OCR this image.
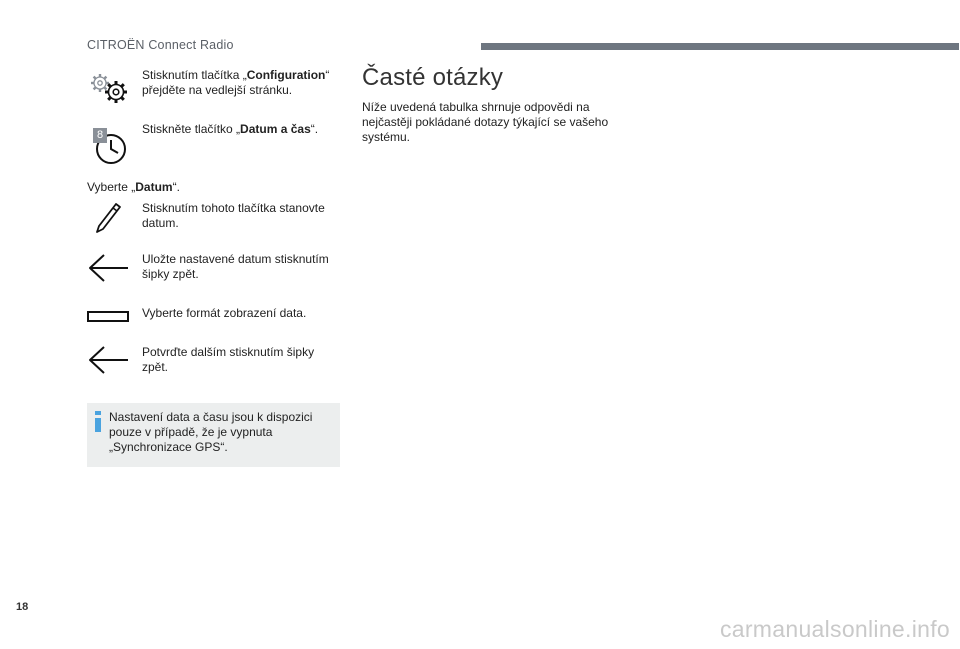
CITROËN Connect Radio
Stisknutím tlačítka „Configuration“ přejděte na vedlejší stránku.
8	Stiskněte tlačítko „Datum a čas“.
Vyberte „Datum“.
Stisknutím tohoto tlačítka stanovte datum.
Uložte nastavené datum stisknutím šipky zpět.
Vyberte formát zobrazení data.
Potvrďte dalším stisknutím šipky zpět.
Nastavení data a času jsou k dispozici pouze v případě, že je vypnuta „Synchronizace GPS“.
Časté otázky
Níže uvedená tabulka shrnuje odpovědi na nejčastěji pokládané dotazy týkající se vašeho systému.
18
carmanualsonline.info
